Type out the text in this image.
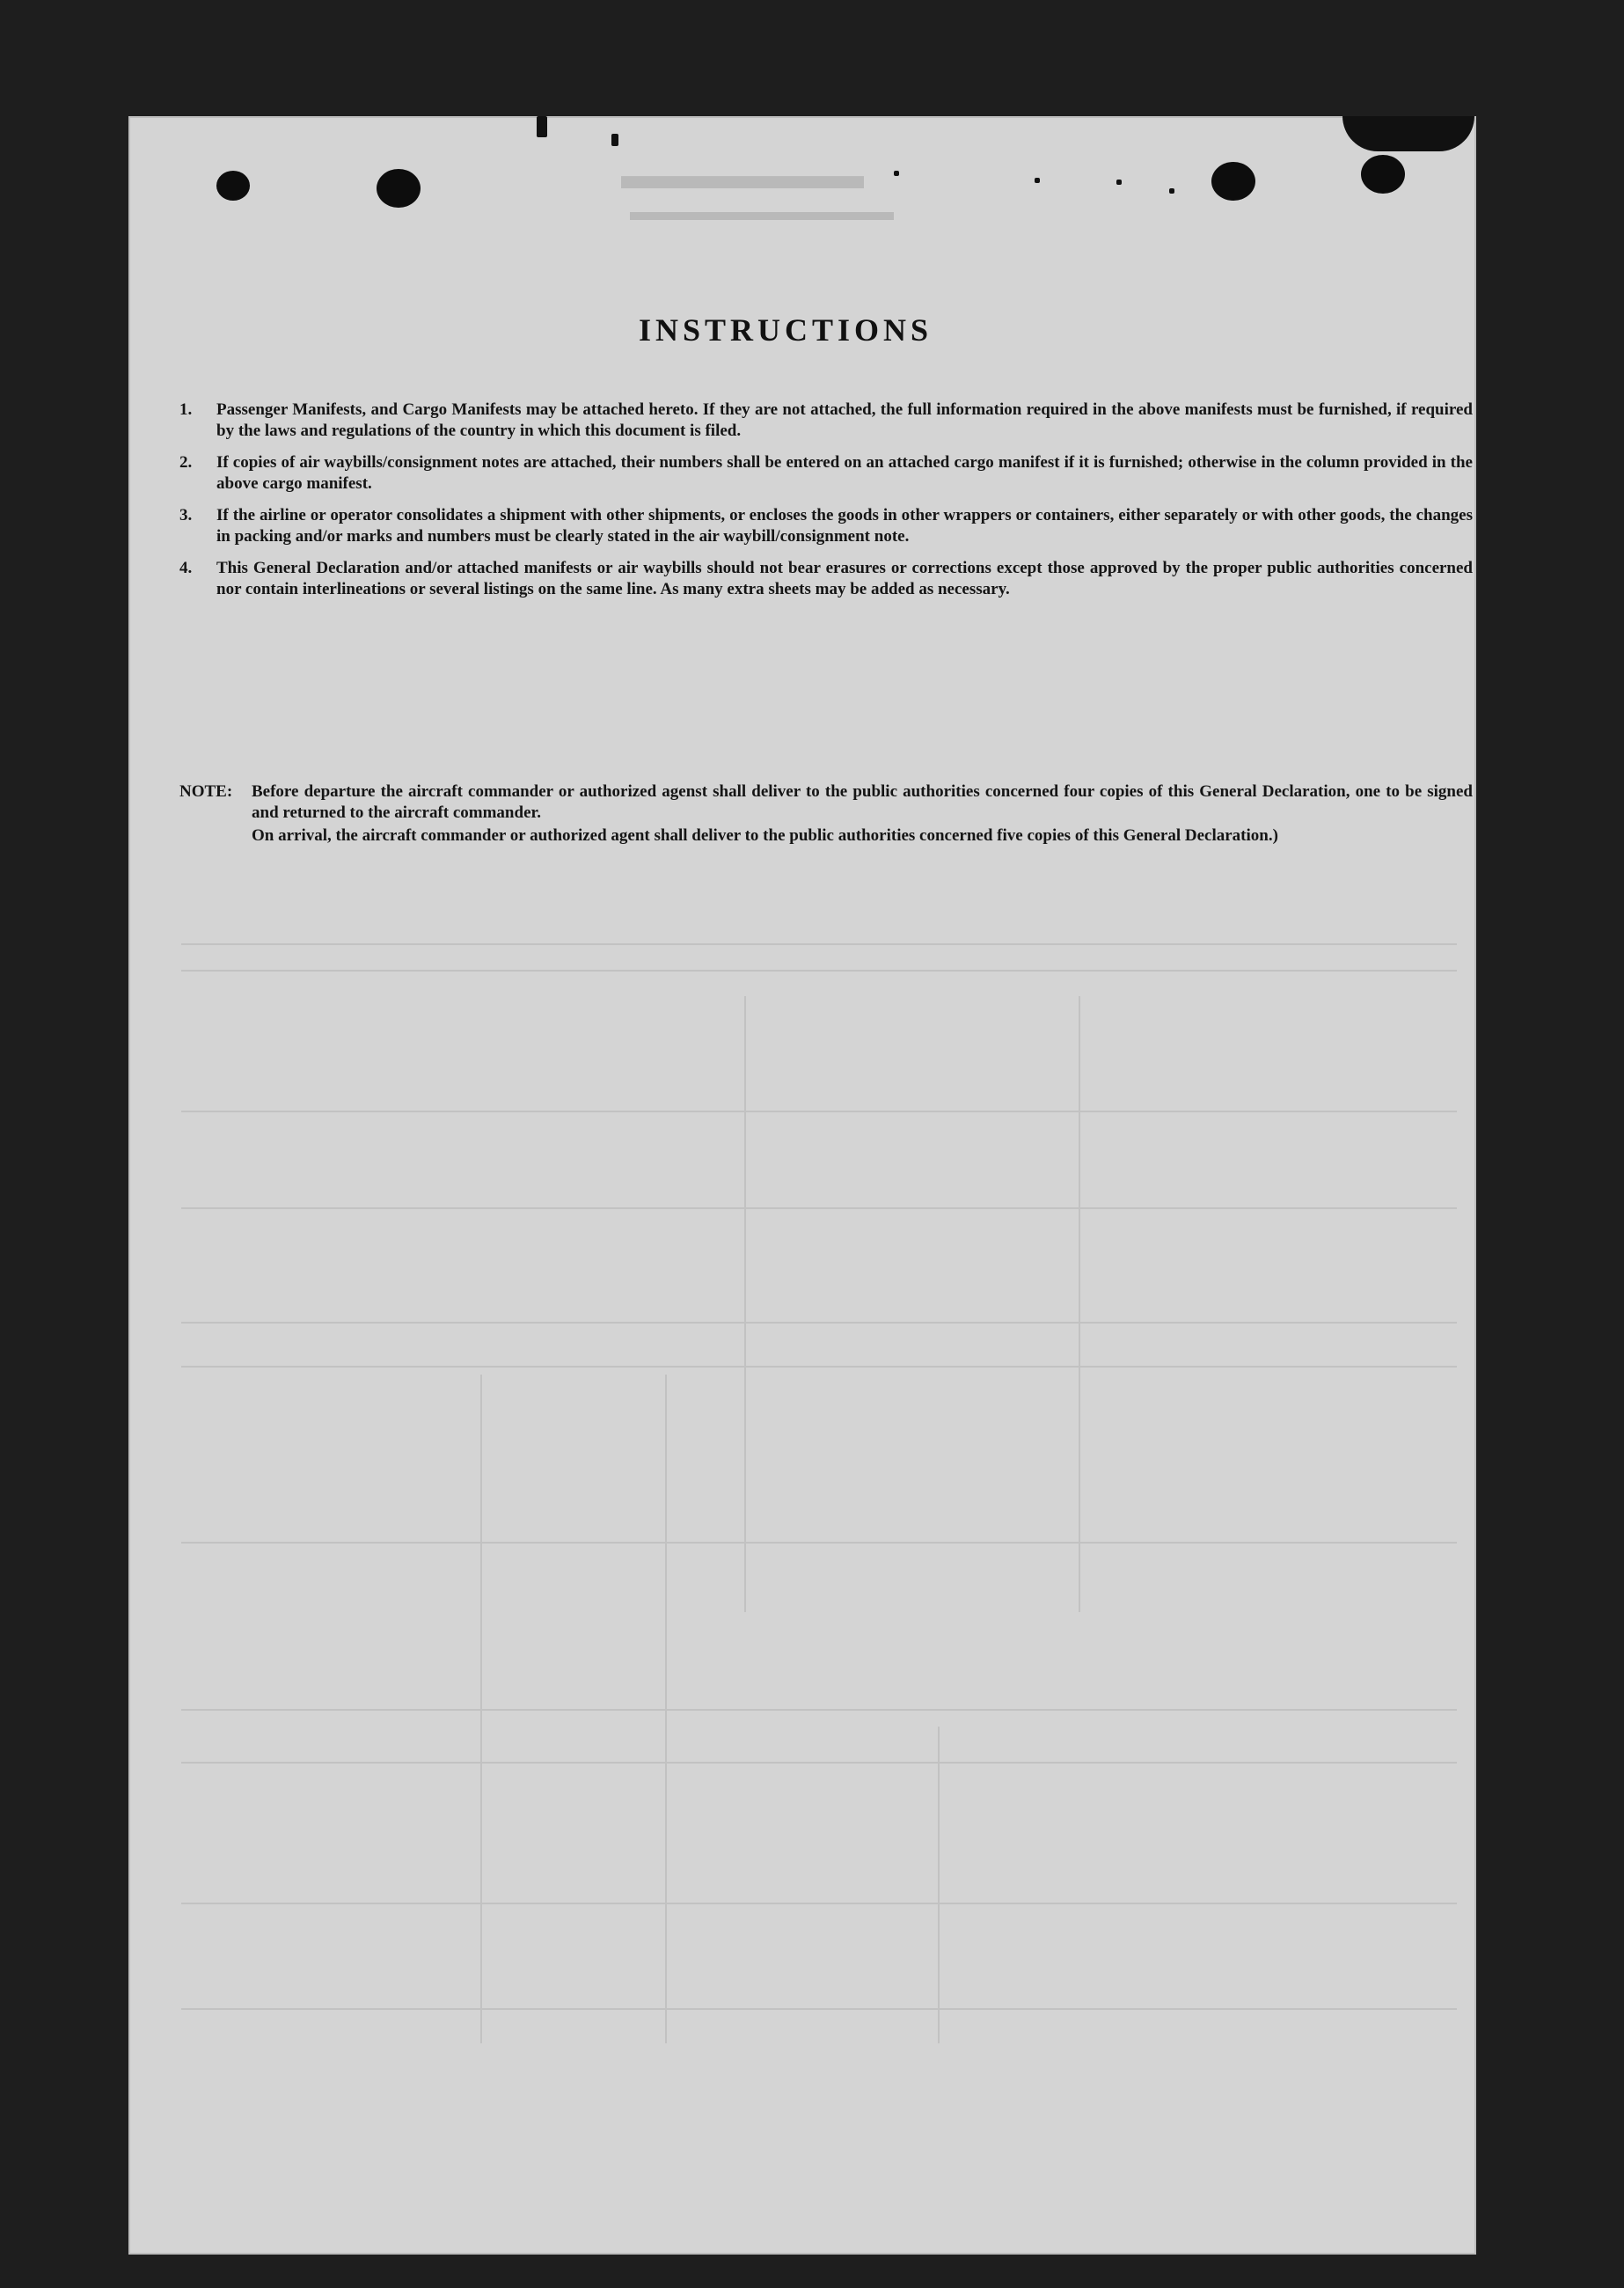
▬▬▬▬▬▬
▬▬▬▬▬▬▬▬▬▬
INSTRUCTIONS
1.	Passenger Manifests, and Cargo Manifests may be attached hereto. If they are not attached, the full information required in the above manifests must be furnished, if required by the laws and regulations of the country in which this document is filed.
2.	If copies of air waybills/consignment notes are attached, their numbers shall be entered on an attached cargo manifest if it is furnished; otherwise in the column provided in the above cargo manifest.
3.	If the airline or operator consolidates a shipment with other shipments, or encloses the goods in other wrappers or containers, either separately or with other goods, the changes in packing and/or marks and numbers must be clearly stated in the air waybill/consignment note.
4.	This General Declaration and/or attached manifests or air waybills should not bear erasures or corrections except those approved by the proper public authorities concerned nor contain interlineations or several listings on the same line. As many extra sheets may be added as necessary.
NOTE:	Before departure the aircraft commander or authorized agenst shall deliver to the public authorities concerned four copies of this General Declaration, one to be signed and returned to the aircraft commander.
On arrival, the aircraft commander or authorized agent shall deliver to the public authorities concerned five copies of this General Declaration.)
